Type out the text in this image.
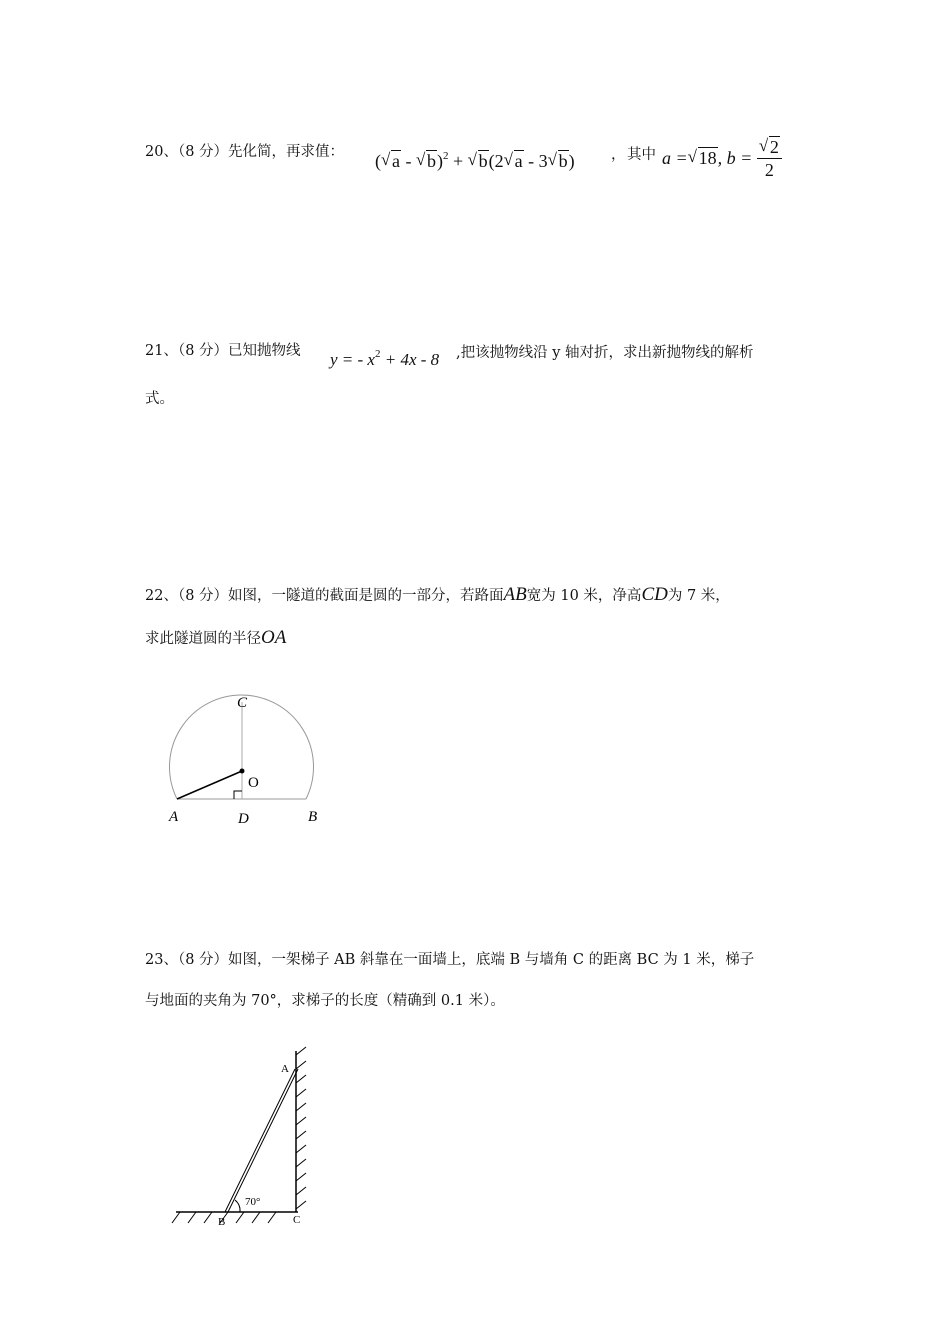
20、（8 分）先化简，再求值： ( √ a - √ b)$^2$ + √ b(2 √ a - 3 √ b)	， 其中 a = √ 18, b = √ $\frac{2}{2}$
21、（8 分）已知抛物线 y = - $x^2 + 4x - 8$ ,把该抛物线沿 y 轴对折，求出新抛物线的解析
式。
22、（8 分）如图，一隧道的截面是圆的一部分，若路面AB宽为 10 米，净高CD为 7 米，
求此隧道圆的半径OA
C
O
A	D	B
23、（8 分）如图，一架梯子 AB 斜靠在一面墙上，底端 B 与墙角 C 的距离 BC 为 1 米，梯子
与地面的夹角为 70°，求梯子的长度（精确到 0.1 米）。
A
B	C
70°
